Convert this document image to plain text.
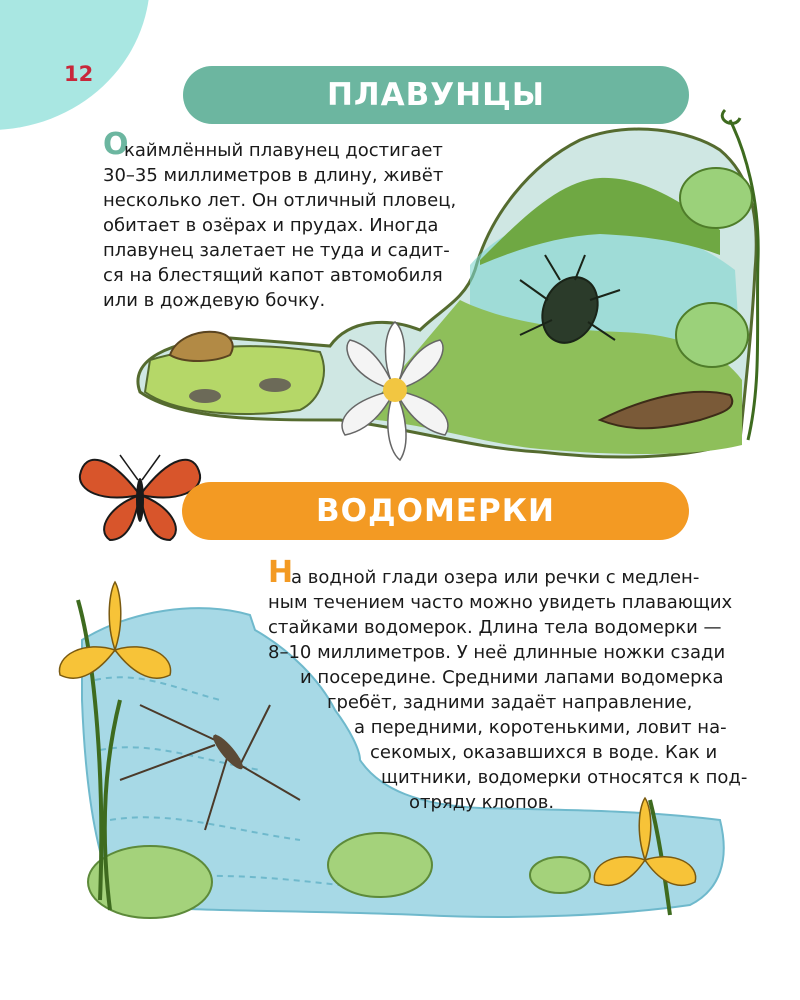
12
ПЛАВУНЦЫ
ВОДОМЕРКИ
О

каймлённый плавунец достигает

30–35 миллиметров в длину, живёт

несколько лет. Он отличный пловец,

обитает в озёрах и прудах. Иногда

плавунец залетает не туда и садит-

ся на блестящий капот автомобиля

или в дождевую бочку.

Н

а водной глади озера или речки с медлен-

ным течением часто можно увидеть плавающих

стайками водомерок. Длина тела водомерки —

8–10 миллиметров. У неё длинные ножки сзади

и посередине. Средними лапами водомерка

гребёт, задними задаёт направление,

а передними, коротенькими, ловит на-

секомых, оказавшихся в воде. Как и

щитники, водомерки относятся к под-

отряду клопов.
